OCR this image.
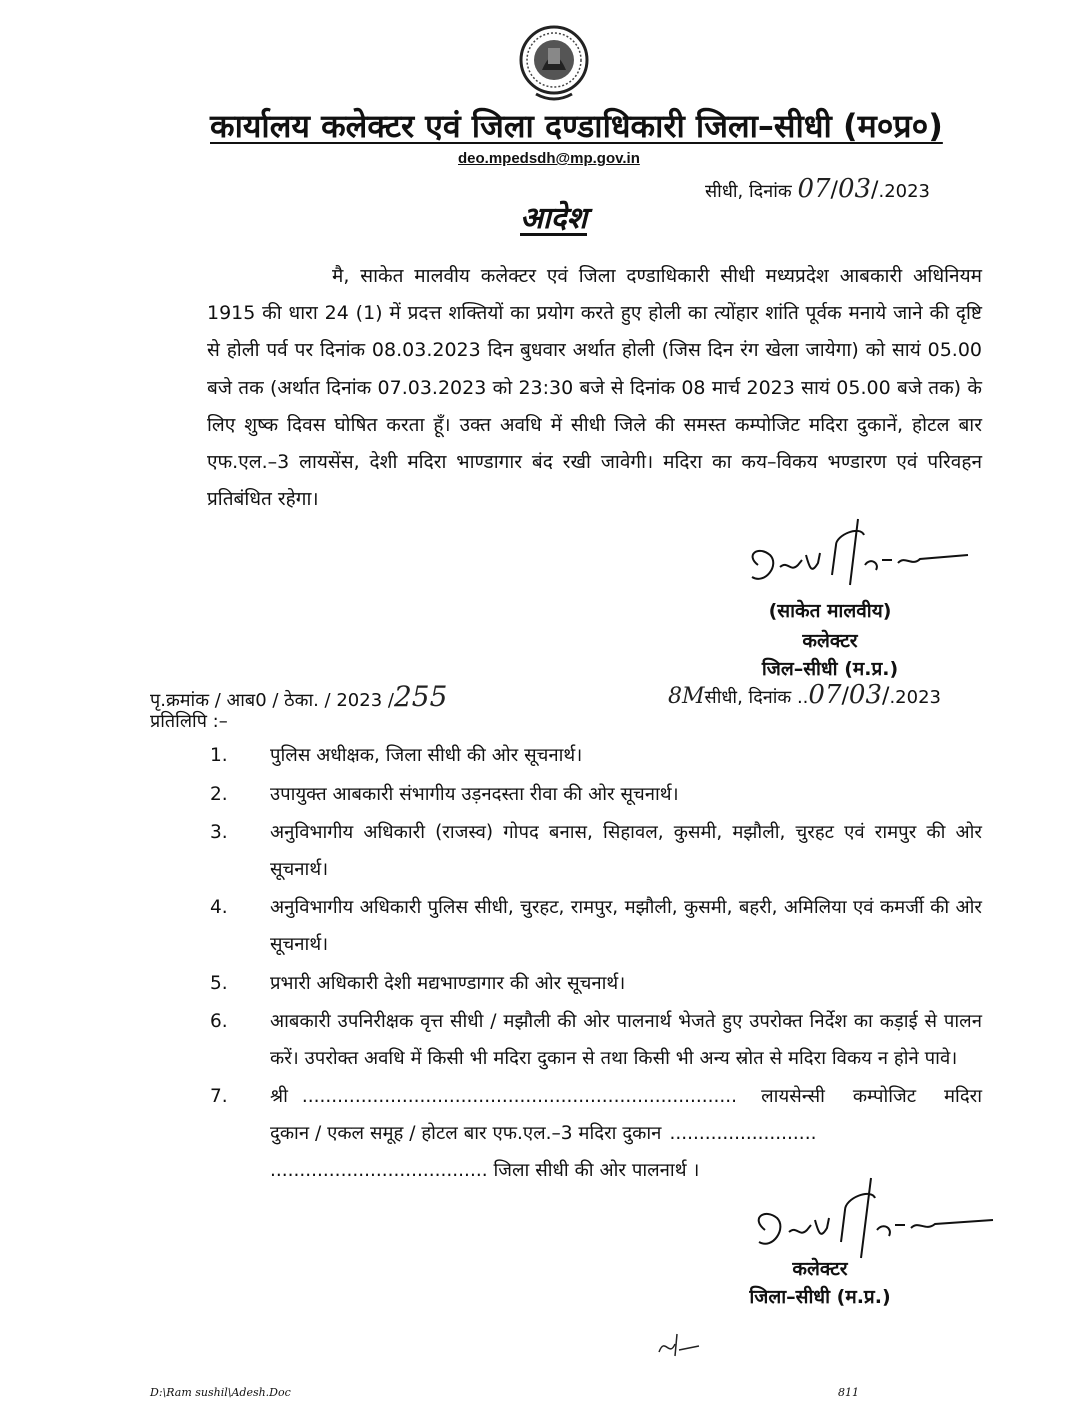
कार्यालय कलेक्टर एवं जिला दण्डाधिकारी जिला–सीधी (म०प्र०)
deo.mpedsdh@mp.gov.in
सीधी, दिनांक 07/03/.2023
आदेश
मै, साकेत मालवीय कलेक्टर एवं जिला दण्डाधिकारी सीधी मध्यप्रदेश आबकारी अधिनियम 1915 की धारा 24 (1) में प्रदत्त शक्तियों का प्रयोग करते हुए होली का त्योंहार शांति पूर्वक मनाये जाने की दृष्टि से होली पर्व पर दिनांक 08.03.2023 दिन बुधवार अर्थात होली (जिस दिन रंग खेला जायेगा) को सायं 05.00 बजे तक (अर्थात दिनांक 07.03.2023 को 23:30 बजे से दिनांक 08 मार्च 2023 सायं 05.00 बजे तक) के लिए शुष्क दिवस घोषित करता हूँ। उक्त अवधि में सीधी जिले की समस्त कम्पोजिट मदिरा दुकानें, होटल बार एफ.एल.–3 लायसेंस, देशी मदिरा भाण्डागार बंद रखी जावेगी। मदिरा का कय–विकय भण्डारण एवं परिवहन प्रतिबंधित रहेगा।
(साकेत मालवीय)
कलेक्टर
जिल–सीधी (म.प्र.)
पृ.क्रमांक / आब0 / ठेका. / 2023 /255	8Mसीधी, दिनांक ..07/03/.2023
प्रतिलिपि :–
1.	पुलिस अधीक्षक, जिला सीधी की ओर सूचनार्थ।
2.	उपायुक्त आबकारी संभागीय उड़नदस्ता रीवा की ओर सूचनार्थ।
3.	अनुविभागीय अधिकारी (राजस्व) गोपद बनास, सिहावल, कुसमी, मझौली, चुरहट एवं रामपुर की ओर सूचनार्थ।
4.	अनुविभागीय अधिकारी पुलिस सीधी, चुरहट, रामपुर, मझौली, कुसमी, बहरी, अमिलिया एवं कमर्जी की ओर सूचनार्थ।
5.	प्रभारी अधिकारी देशी मद्यभाण्डागार की ओर सूचनार्थ।
6.	आबकारी उपनिरीक्षक वृत्त सीधी / मझौली की ओर पालनार्थ भेजते हुए उपरोक्त निर्देश का कड़ाई से पालन करें। उपरोक्त अवधि में किसी भी मदिरा दुकान से तथा किसी भी अन्य स्रोत से मदिरा विकय न होने पावे।
7.	श्री .......................................................................... लायसेन्सी कम्पोजिट मदिरा
दुकान / एकल समूह / होटल बार एफ.एल.–3 मदिरा दुकान .........................
..................................... जिला सीधी की ओर पालनार्थ ।
कलेक्टर
जिला–सीधी (म.प्र.)
D:\Ram sushil\Adesh.Doc	811
